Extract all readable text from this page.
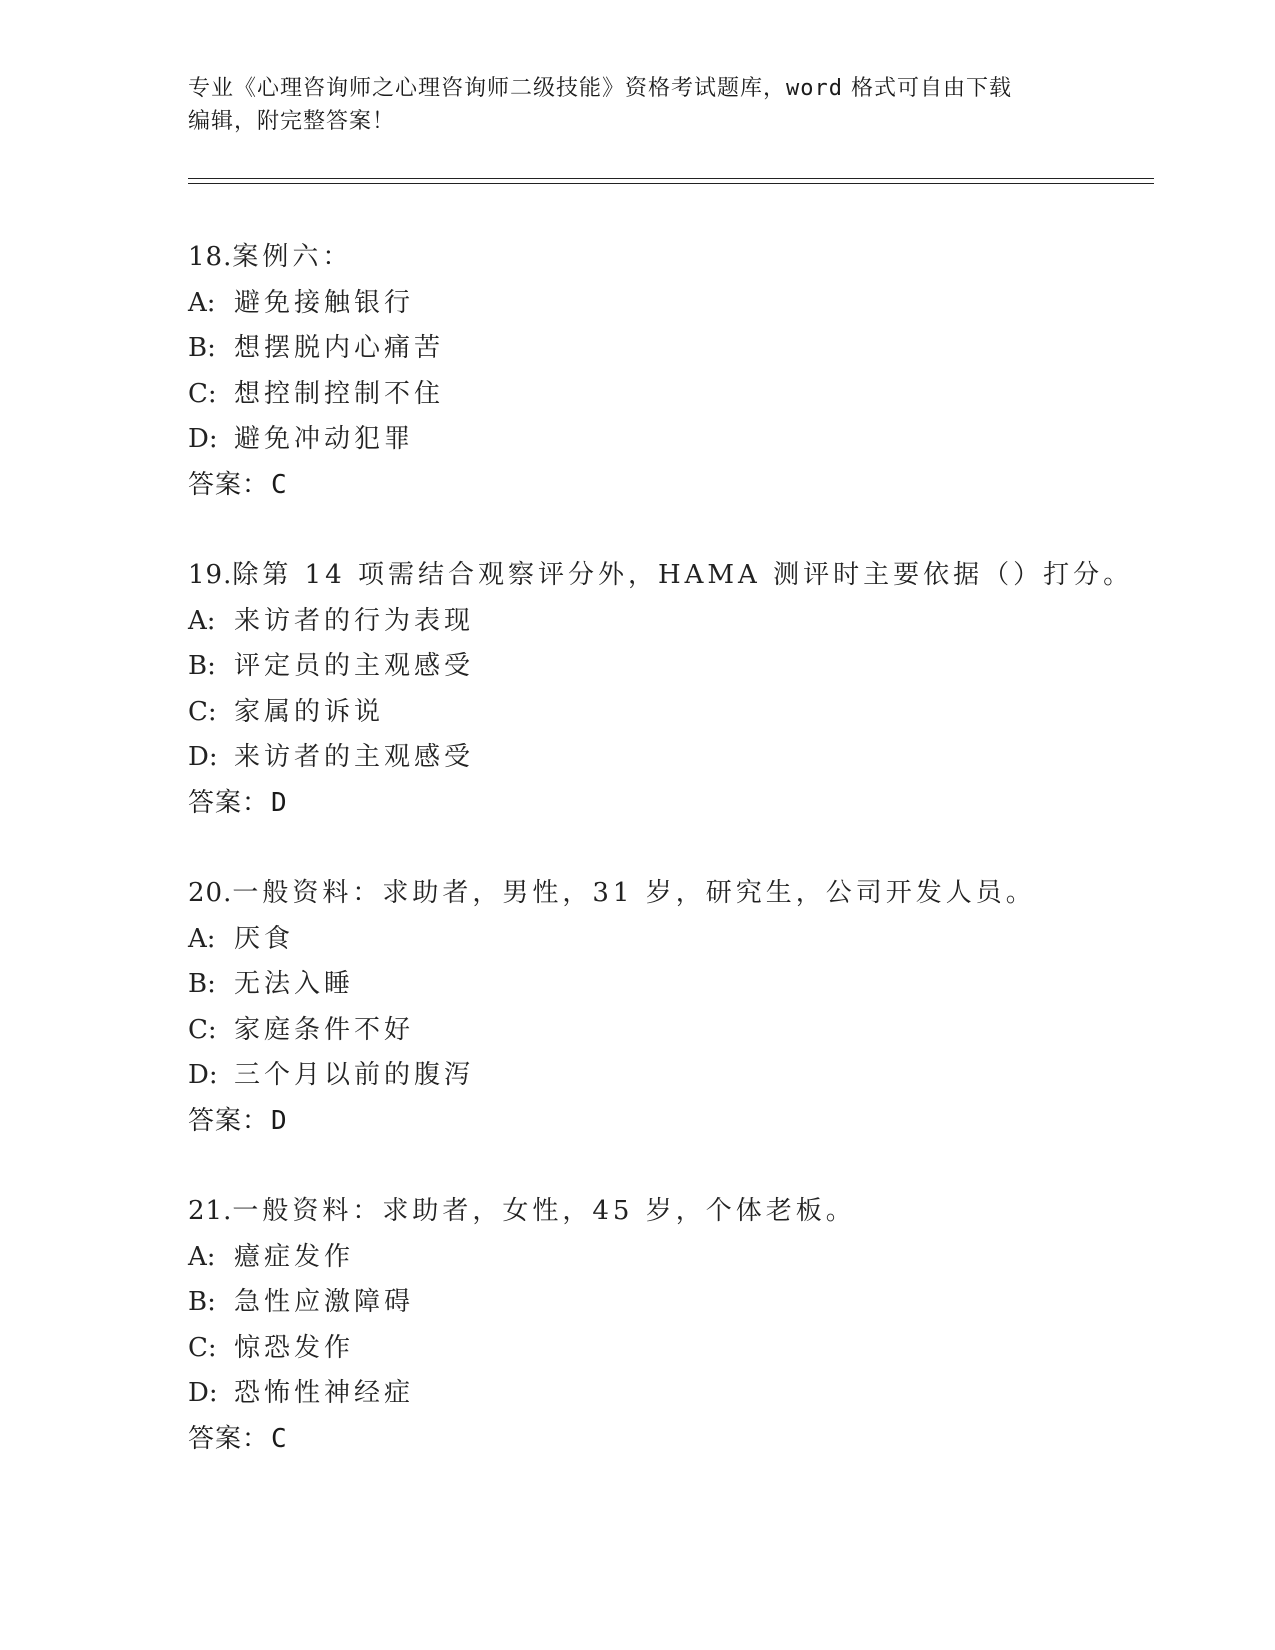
专业《心理咨询师之心理咨询师二级技能》资格考试题库，word 格式可自由下载
编辑，附完整答案！
18.案例六：
A: 避免接触银行
B: 想摆脱内心痛苦
C: 想控制控制不住
D: 避免冲动犯罪
答案：C
19.除第 14 项需结合观察评分外，HAMA 测评时主要依据（）打分。
A: 来访者的行为表现
B: 评定员的主观感受
C: 家属的诉说
D: 来访者的主观感受
答案：D
20.一般资料：求助者，男性，31 岁，研究生，公司开发人员。
A: 厌食
B: 无法入睡
C: 家庭条件不好
D: 三个月以前的腹泻
答案：D
21.一般资料：求助者，女性，45 岁，个体老板。
A: 癔症发作
B: 急性应激障碍
C: 惊恐发作
D: 恐怖性神经症
答案：C
